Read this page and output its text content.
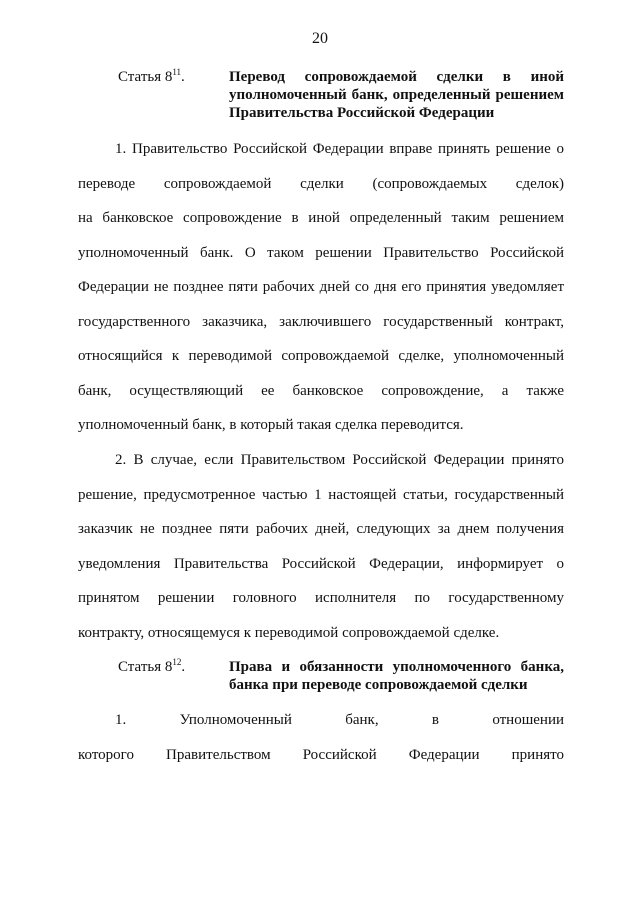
20
Статья $8^{11}$.	Перевод сопровождаемой сделки в иной уполномоченный банк, определенный решением Правительства Российской Федерации

1. Правительство Российской Федерации вправе принять решение о

переводе сопровождаемой сделки (сопровождаемых сделок)

на банковское сопровождение в иной определенный таким решением

уполномоченный банк. О таком решении Правительство Российской

Федерации не позднее пяти рабочих дней со дня его принятия уведомляет

государственного заказчика, заключившего государственный контракт,

относящийся к переводимой сопровождаемой сделке, уполномоченный

банк, осуществляющий ее банковское сопровождение, а также

уполномоченный банк, в который такая сделка переводится.

2. В случае, если Правительством Российской Федерации принято

решение, предусмотренное частью 1 настоящей статьи, государственный

заказчик не позднее пяти рабочих дней, следующих за днем получения

уведомления Правительства Российской Федерации, информирует о

принятом решении головного исполнителя по государственному

контракту, относящемуся к переводимой сопровождаемой сделке.

Статья $8^{12}$.	Права и обязанности уполномоченного банка, банка при переводе сопровождаемой сделки

1. Уполномоченный банк, в отношении

которого Правительством Российской Федерации принято
